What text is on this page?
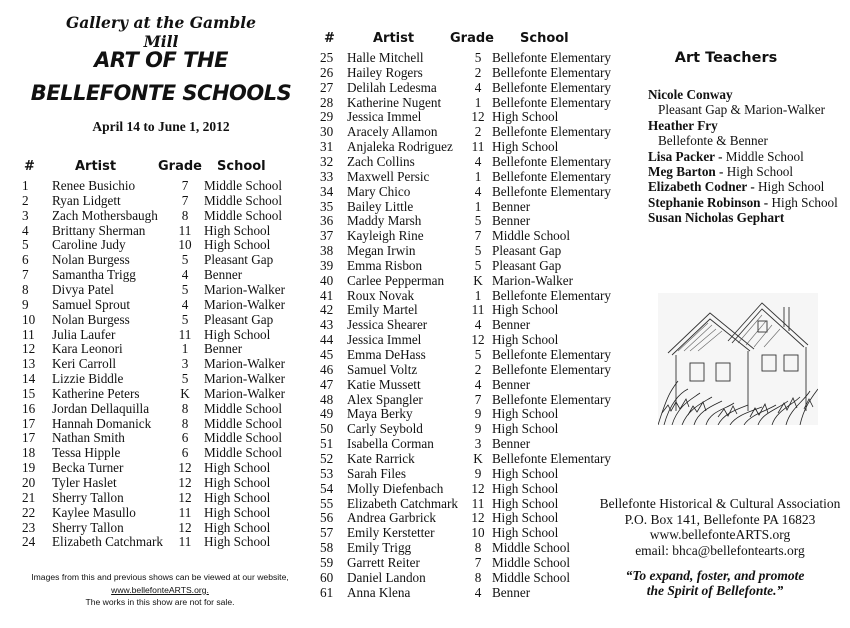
Gallery at the Gamble Mill
ART OF THE
BELLEFONTE SCHOOLS
April 14 to June 1, 2012
#	Artist	Grade School
1 Renee Busichio	7	Middle School
2 Ryan Lidgett	7	Middle School
3 Zach Mothersbaugh	8	Middle School
4 Brittany Sherman	11 High School
5 Caroline Judy	10 High School
6 Nolan Burgess	5	Pleasant Gap
7 Samantha Trigg	4	Benner
8 Divya Patel	5	Marion-Walker
9 Samuel Sprout	4	Marion-Walker
10 Nolan Burgess	5	Pleasant Gap
11 Julia Laufer	11 High School
12 Kara Leonori	1	Benner
13 Keri Carroll	3	Marion-Walker
14 Lizzie Biddle	5	Marion-Walker
15 Katherine Peters	K	Marion-Walker
16 Jordan Dellaquilla	8	Middle School
17 Hannah Domanick	8	Middle School
17 Nathan Smith	6	Middle School
18 Tessa Hipple	6	Middle School
19 Becka Turner	12 High School
20 Tyler Haslet	12 High School
21 Sherry Tallon	12 High School
22 Kaylee Masullo	11 High School
23 Sherry Tallon	12 High School
24 Elizabeth Catchmark 11 High School
#	Artist	Grade School
25 Halle Mitchell	5 Bellefonte Elementary
26 Hailey Rogers	2 Bellefonte Elementary
27 Delilah Ledesma	4 Bellefonte Elementary
28 Katherine Nugent	1 Bellefonte Elementary
29 Jessica Immel	12 High School
30 Aracely Allamon	2 Bellefonte Elementary
31 Anjaleka Rodriguez 11 High School
32 Zach Collins	4 Bellefonte Elementary
33 Maxwell Persic	1 Bellefonte Elementary
34 Mary Chico	4 Bellefonte Elementary
35 Bailey Little	1 Benner
36 Maddy Marsh	5 Benner
37 Kayleigh Rine	7 Middle School
38 Megan Irwin	5 Pleasant Gap
39 Emma Risbon	5 Pleasant Gap
40 Carlee Pepperman	K Marion-Walker
41 Roux Novak	1 Bellefonte Elementary
42 Emily Martel	11 High School
43 Jessica Shearer	4 Benner
44 Jessica Immel	12 High School
45 Emma DeHass	5 Bellefonte Elementary
46 Samuel Voltz	2 Bellefonte Elementary
47 Katie Mussett	4 Benner
48 Alex Spangler	7 Bellefonte Elementary
49 Maya Berky	9 High School
50 Carly Seybold	9 High School
51 Isabella Corman	3 Benner
52 Kate Rarrick	K Bellefonte Elementary
53 Sarah Files	9 High School
54 Molly Diefenbach 12 High School
55 Elizabeth Catchmark 11 High School
56 Andrea Garbrick	12 High School
57 Emily Kerstetter	10 High School
58 Emily Trigg	8 Middle School
59 Garrett Reiter	7 Middle School
60 Daniel Landon	8 Middle School
61 Anna Klena	4 Benner
Art Teachers
Nicole Conway
Pleasant Gap & Marion-Walker
Heather Fry
Bellefonte & Benner
Lisa Packer - Middle School
Meg Barton - High School
Elizabeth Codner - High School
Stephanie Robinson - High School
Susan Nicholas Gephart
Bellefonte Historical & Cultural Association
P.O. Box 141, Bellefonte PA 16823
www.bellefonteARTS.org
email: bhca@bellefontearts.org
“To expand, foster, and promote
the Spirit of Bellefonte.”
Images from this and previous shows can be viewed at our website,
www.bellefonteARTS.org.
The works in this show are not for sale.
